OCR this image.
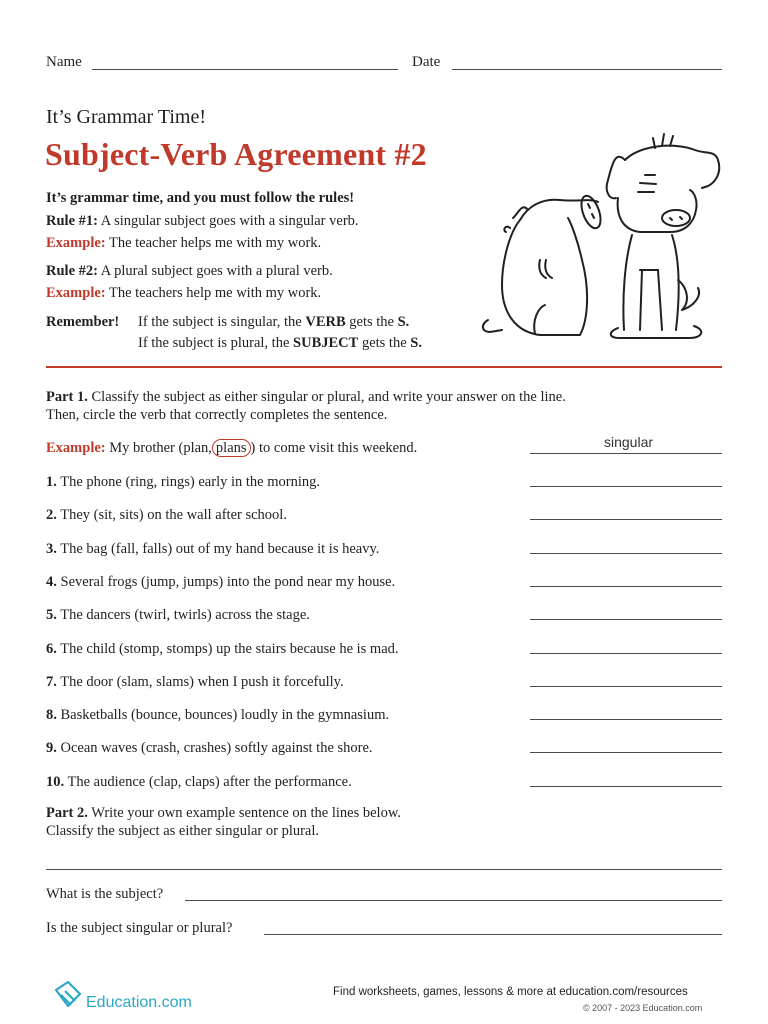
Name	Date
It’s Grammar Time!
Subject-Verb Agreement #2
It’s grammar time, and you must follow the rules!
Rule #1: A singular subject goes with a singular verb.
Example: The teacher helps me with my work.
Rule #2: A plural subject goes with a plural verb.
Example: The teachers help me with my work.
Remember! If the subject is singular, the VERB gets the S.
If the subject is plural, the SUBJECT gets the S.
Part 1. Classify the subject as either singular or plural, and write your answer on the line.
Then, circle the verb that correctly completes the sentence.
Example: My brother (plan, plans ) to come visit this weekend.	singular
1. The phone (ring, rings) early in the morning.
2. They (sit, sits) on the wall after school.
3. The bag (fall, falls) out of my hand because it is heavy.
4. Several frogs (jump, jumps) into the pond near my house.
5. The dancers (twirl, twirls) across the stage.
6. The child (stomp, stomps) up the stairs because he is mad.
7. The door (slam, slams) when I push it forcefully.
8. Basketballs (bounce, bounces) loudly in the gymnasium.
9. Ocean waves (crash, crashes) softly against the shore.
10. The audience (clap, claps) after the performance.
Part 2. Write your own example sentence on the lines below.
Classify the subject as either singular or plural.
What is the subject?
Is the subject singular or plural?
Education.com
Find worksheets, games, lessons & more at education.com/resources
© 2007 - 2023 Education.com
